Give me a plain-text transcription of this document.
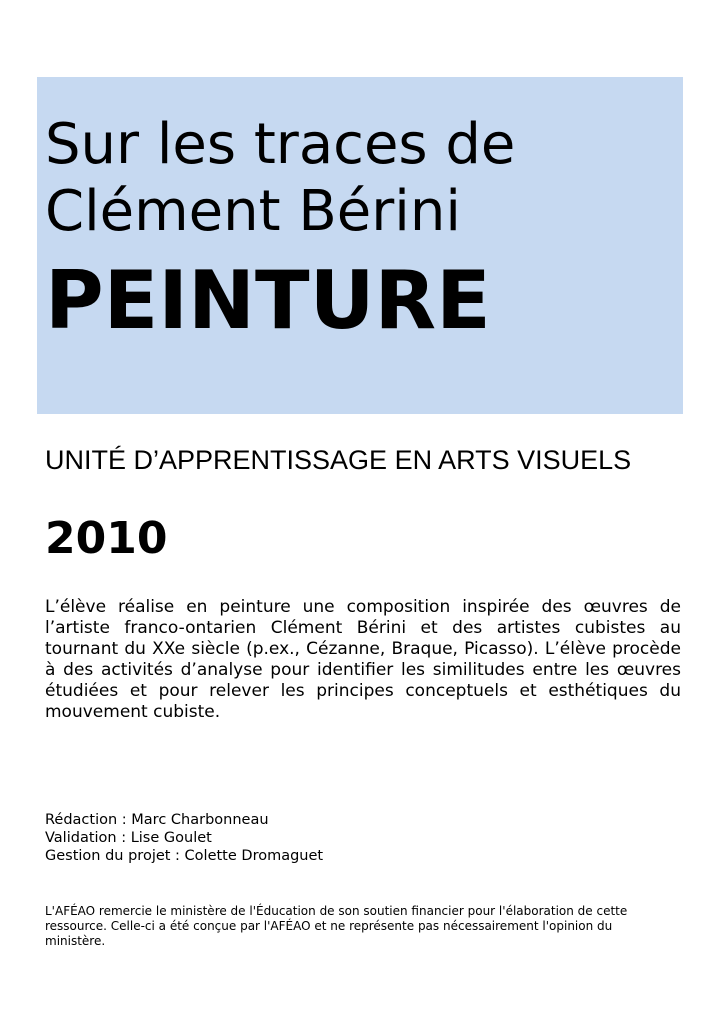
Sur les traces de
Clément Bérini
PEINTURE

UNITÉ D’APPRENTISSAGE EN ARTS VISUELS

2010

L’élève réalise en peinture une composition inspirée des œuvres de l’artiste franco-ontarien Clément Bérini et des artistes cubistes au tournant du XXe siècle (p.ex., Cézanne, Braque, Picasso). L’élève procède à des activités d’analyse pour identifier les similitudes entre les œuvres étudiées et pour relever les principes conceptuels et esthétiques du mouvement cubiste.

Rédaction : Marc Charbonneau
Validation : Lise Goulet
Gestion du projet : Colette Dromaguet

L'AFÉAO remercie le ministère de l'Éducation de son soutien financier pour l'élaboration de cette ressource. Celle-ci a été conçue par l'AFÉAO et ne représente pas nécessairement l'opinion du ministère.
